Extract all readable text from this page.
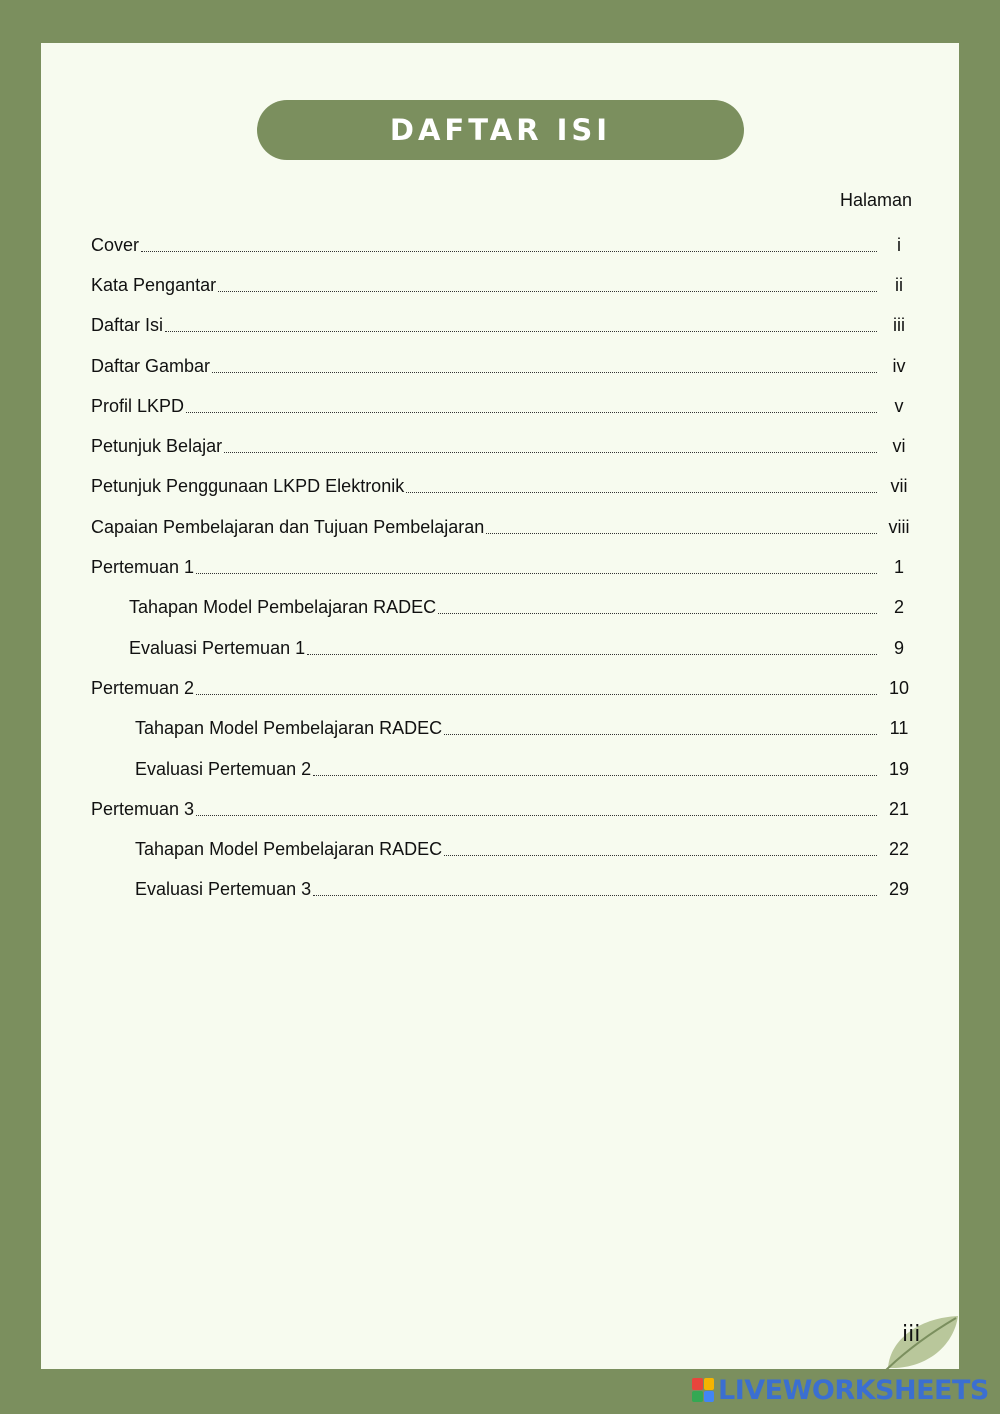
DAFTAR ISI
Halaman
Cover	i
Kata Pengantar	ii
Daftar Isi	iii
Daftar Gambar	iv
Profil LKPD	v
Petunjuk Belajar	vi
Petunjuk Penggunaan LKPD Elektronik	vii
Capaian Pembelajaran dan Tujuan Pembelajaran	viii
Pertemuan 1	1
Tahapan Model Pembelajaran RADEC	2
Evaluasi Pertemuan 1	9
Pertemuan 2	10
Tahapan Model Pembelajaran RADEC	11
Evaluasi Pertemuan 2	19
Pertemuan 3	21
Tahapan Model Pembelajaran RADEC	22
Evaluasi Pertemuan 3	29
iii
LIVEWORKSHEETS
